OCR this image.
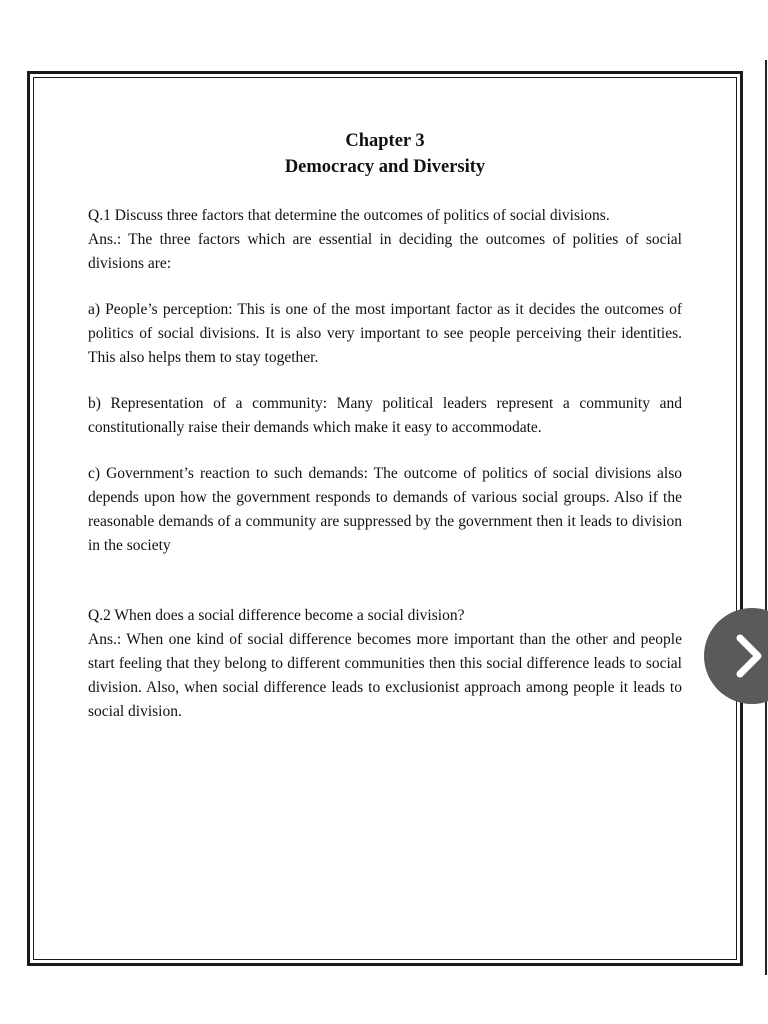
Chapter 3
Democracy and Diversity

Q.1 Discuss three factors that determine the outcomes of politics of social divisions.

Ans.: The three factors which are essential in deciding the outcomes of polities of social divisions are:

a) People’s perception: This is one of the most important factor as it decides the outcomes of politics of social divisions. It is also very important to see people perceiving their identities. This also helps them to stay together.

b) Representation of a community: Many political leaders represent a community and constitutionally raise their demands which make it easy to accommodate.

c) Government’s reaction to such demands: The outcome of politics of social divisions also depends upon how the government responds to demands of various social groups. Also if the reasonable demands of a community are suppressed by the government then it leads to division in the society

Q.2 When does a social difference become a social division?

Ans.: When one kind of social difference becomes more important than the other and people start feeling that they belong to different communities then this social difference leads to social division. Also, when social difference leads to exclusionist approach among people it leads to social division.
